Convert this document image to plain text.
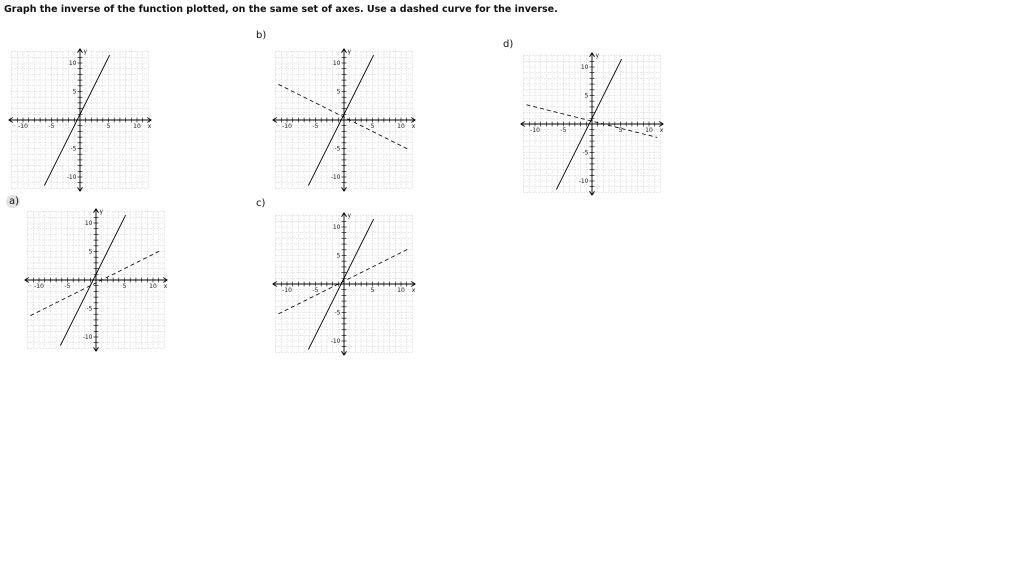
Graph the inverse of the function plotted, on the same set of axes. Use a dashed curve for the inverse.
a)
b)
c)
d)
10
10
5
5
-5
-5
-10
-10
x
y
10
10
5
5
-5
-5
-10
-10
x
y
10
10
5
5
-5
-5
-10
-10
x
y
10
10
5
5
-5
-5
-10
-10
x
y
10
10
5
5
-5
-5
-10
-10
x
y
